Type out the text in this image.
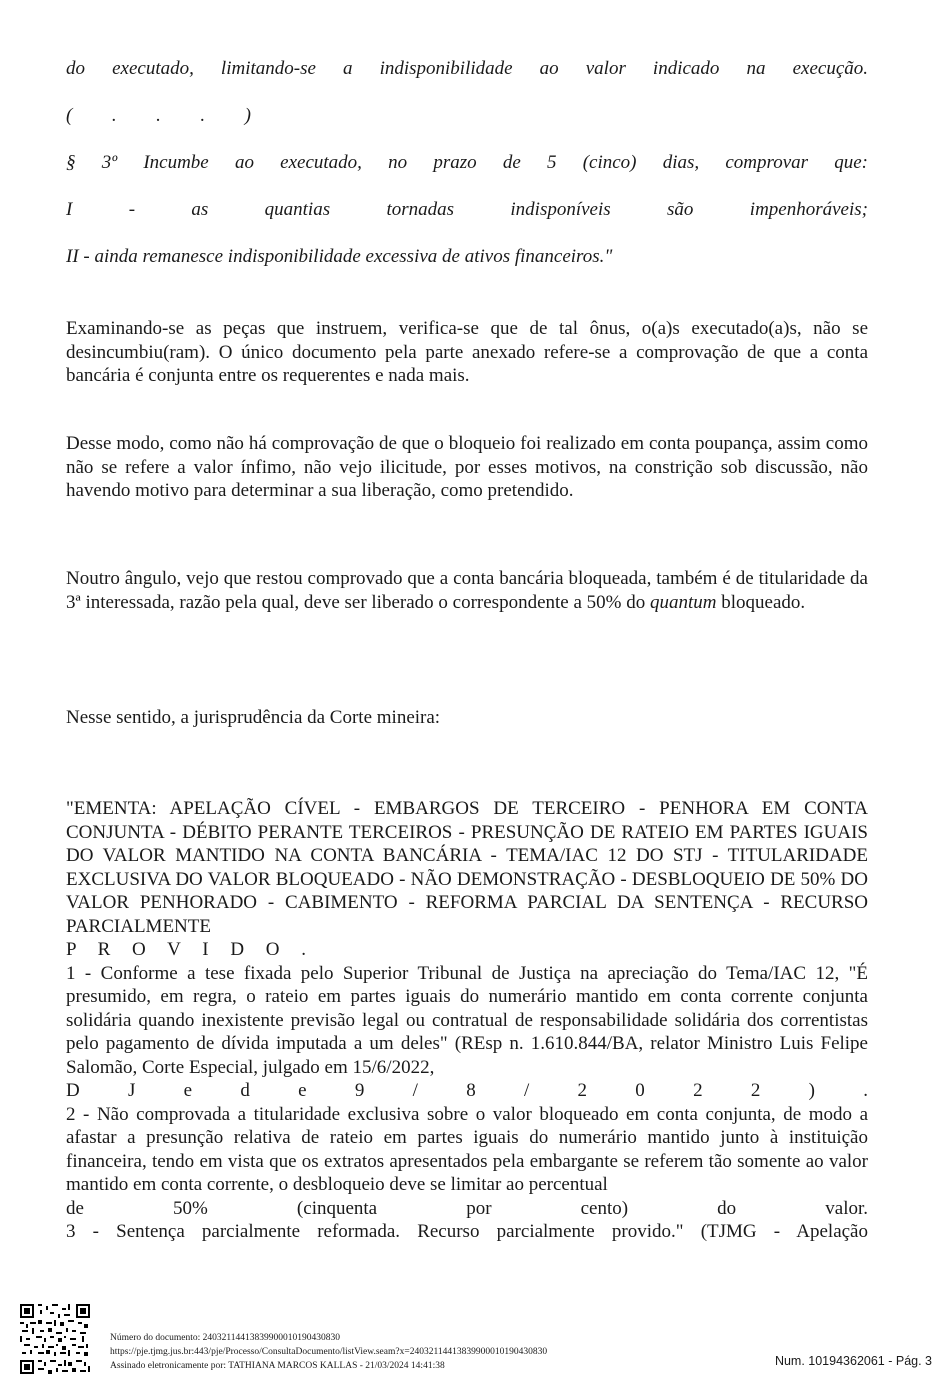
do executado, limitando-se a indisponibilidade ao valor indicado na execução.
( . . . )
§ 3º Incumbe ao executado, no prazo de 5 (cinco) dias, comprovar que:
I - as quantias tornadas indisponíveis são impenhoráveis;
II - ainda remanesce indisponibilidade excessiva de ativos financeiros."

Examinando-se as peças que instruem, verifica-se que de tal ônus, o(a)s executado(a)s, não se desincumbiu(ram). O único documento pela parte anexado refere-se a comprovação de que a conta bancária é conjunta entre os requerentes e nada mais.

Desse modo, como não há comprovação de que o bloqueio foi realizado em conta poupança, assim como não se refere a valor ínfimo, não vejo ilicitude, por esses motivos, na constrição sob discussão, não havendo motivo para determinar a sua liberação, como pretendido.

Noutro ângulo, vejo que restou comprovado que a conta bancária bloqueada, também é de titularidade da 3ª interessada, razão pela qual, deve ser liberado o correspondente a 50% do quantum bloqueado.

Nesse sentido, a jurisprudência da Corte mineira:

"EMENTA: APELAÇÃO CÍVEL - EMBARGOS DE TERCEIRO - PENHORA EM CONTA CONJUNTA - DÉBITO PERANTE TERCEIROS - PRESUNÇÃO DE RATEIO EM PARTES IGUAIS DO VALOR MANTIDO NA CONTA BANCÁRIA - TEMA/IAC 12 DO STJ - TITULARIDADE EXCLUSIVA DO VALOR BLOQUEADO - NÃO DEMONSTRAÇÃO - DESBLOQUEIO DE 50% DO VALOR PENHORADO - CABIMENTO - REFORMA PARCIAL DA SENTENÇA - RECURSO PARCIALMENTE
P R O V I D O .
1 - Conforme a tese fixada pelo Superior Tribunal de Justiça na apreciação do Tema/IAC 12, "É presumido, em regra, o rateio em partes iguais do numerário mantido em conta corrente conjunta solidária quando inexistente previsão legal ou contratual de responsabilidade solidária dos correntistas pelo pagamento de dívida imputada a um deles" (REsp n. 1.610.844/BA, relator Ministro Luis Felipe Salomão, Corte Especial, julgado em 15/6/2022,
D J e d e 9 / 8 / 2 0 2 2 ) .
2 - Não comprovada a titularidade exclusiva sobre o valor bloqueado em conta conjunta, de modo a afastar a presunção relativa de rateio em partes iguais do numerário mantido junto à instituição financeira, tendo em vista que os extratos apresentados pela embargante se referem tão somente ao valor mantido em conta corrente, o desbloqueio deve se limitar ao percentual
de 50% (cinquenta por cento) do valor.
3 - Sentença parcialmente reformada. Recurso parcialmente provido." (TJMG - Apelação
Número do documento: 24032114413839900010190430830
https://pje.tjmg.jus.br:443/pje/Processo/ConsultaDocumento/listView.seam?x=24032114413839900010190430830
Assinado eletronicamente por: TATHIANA MARCOS KALLAS - 21/03/2024 14:41:38	Num. 10194362061 - Pág. 3
